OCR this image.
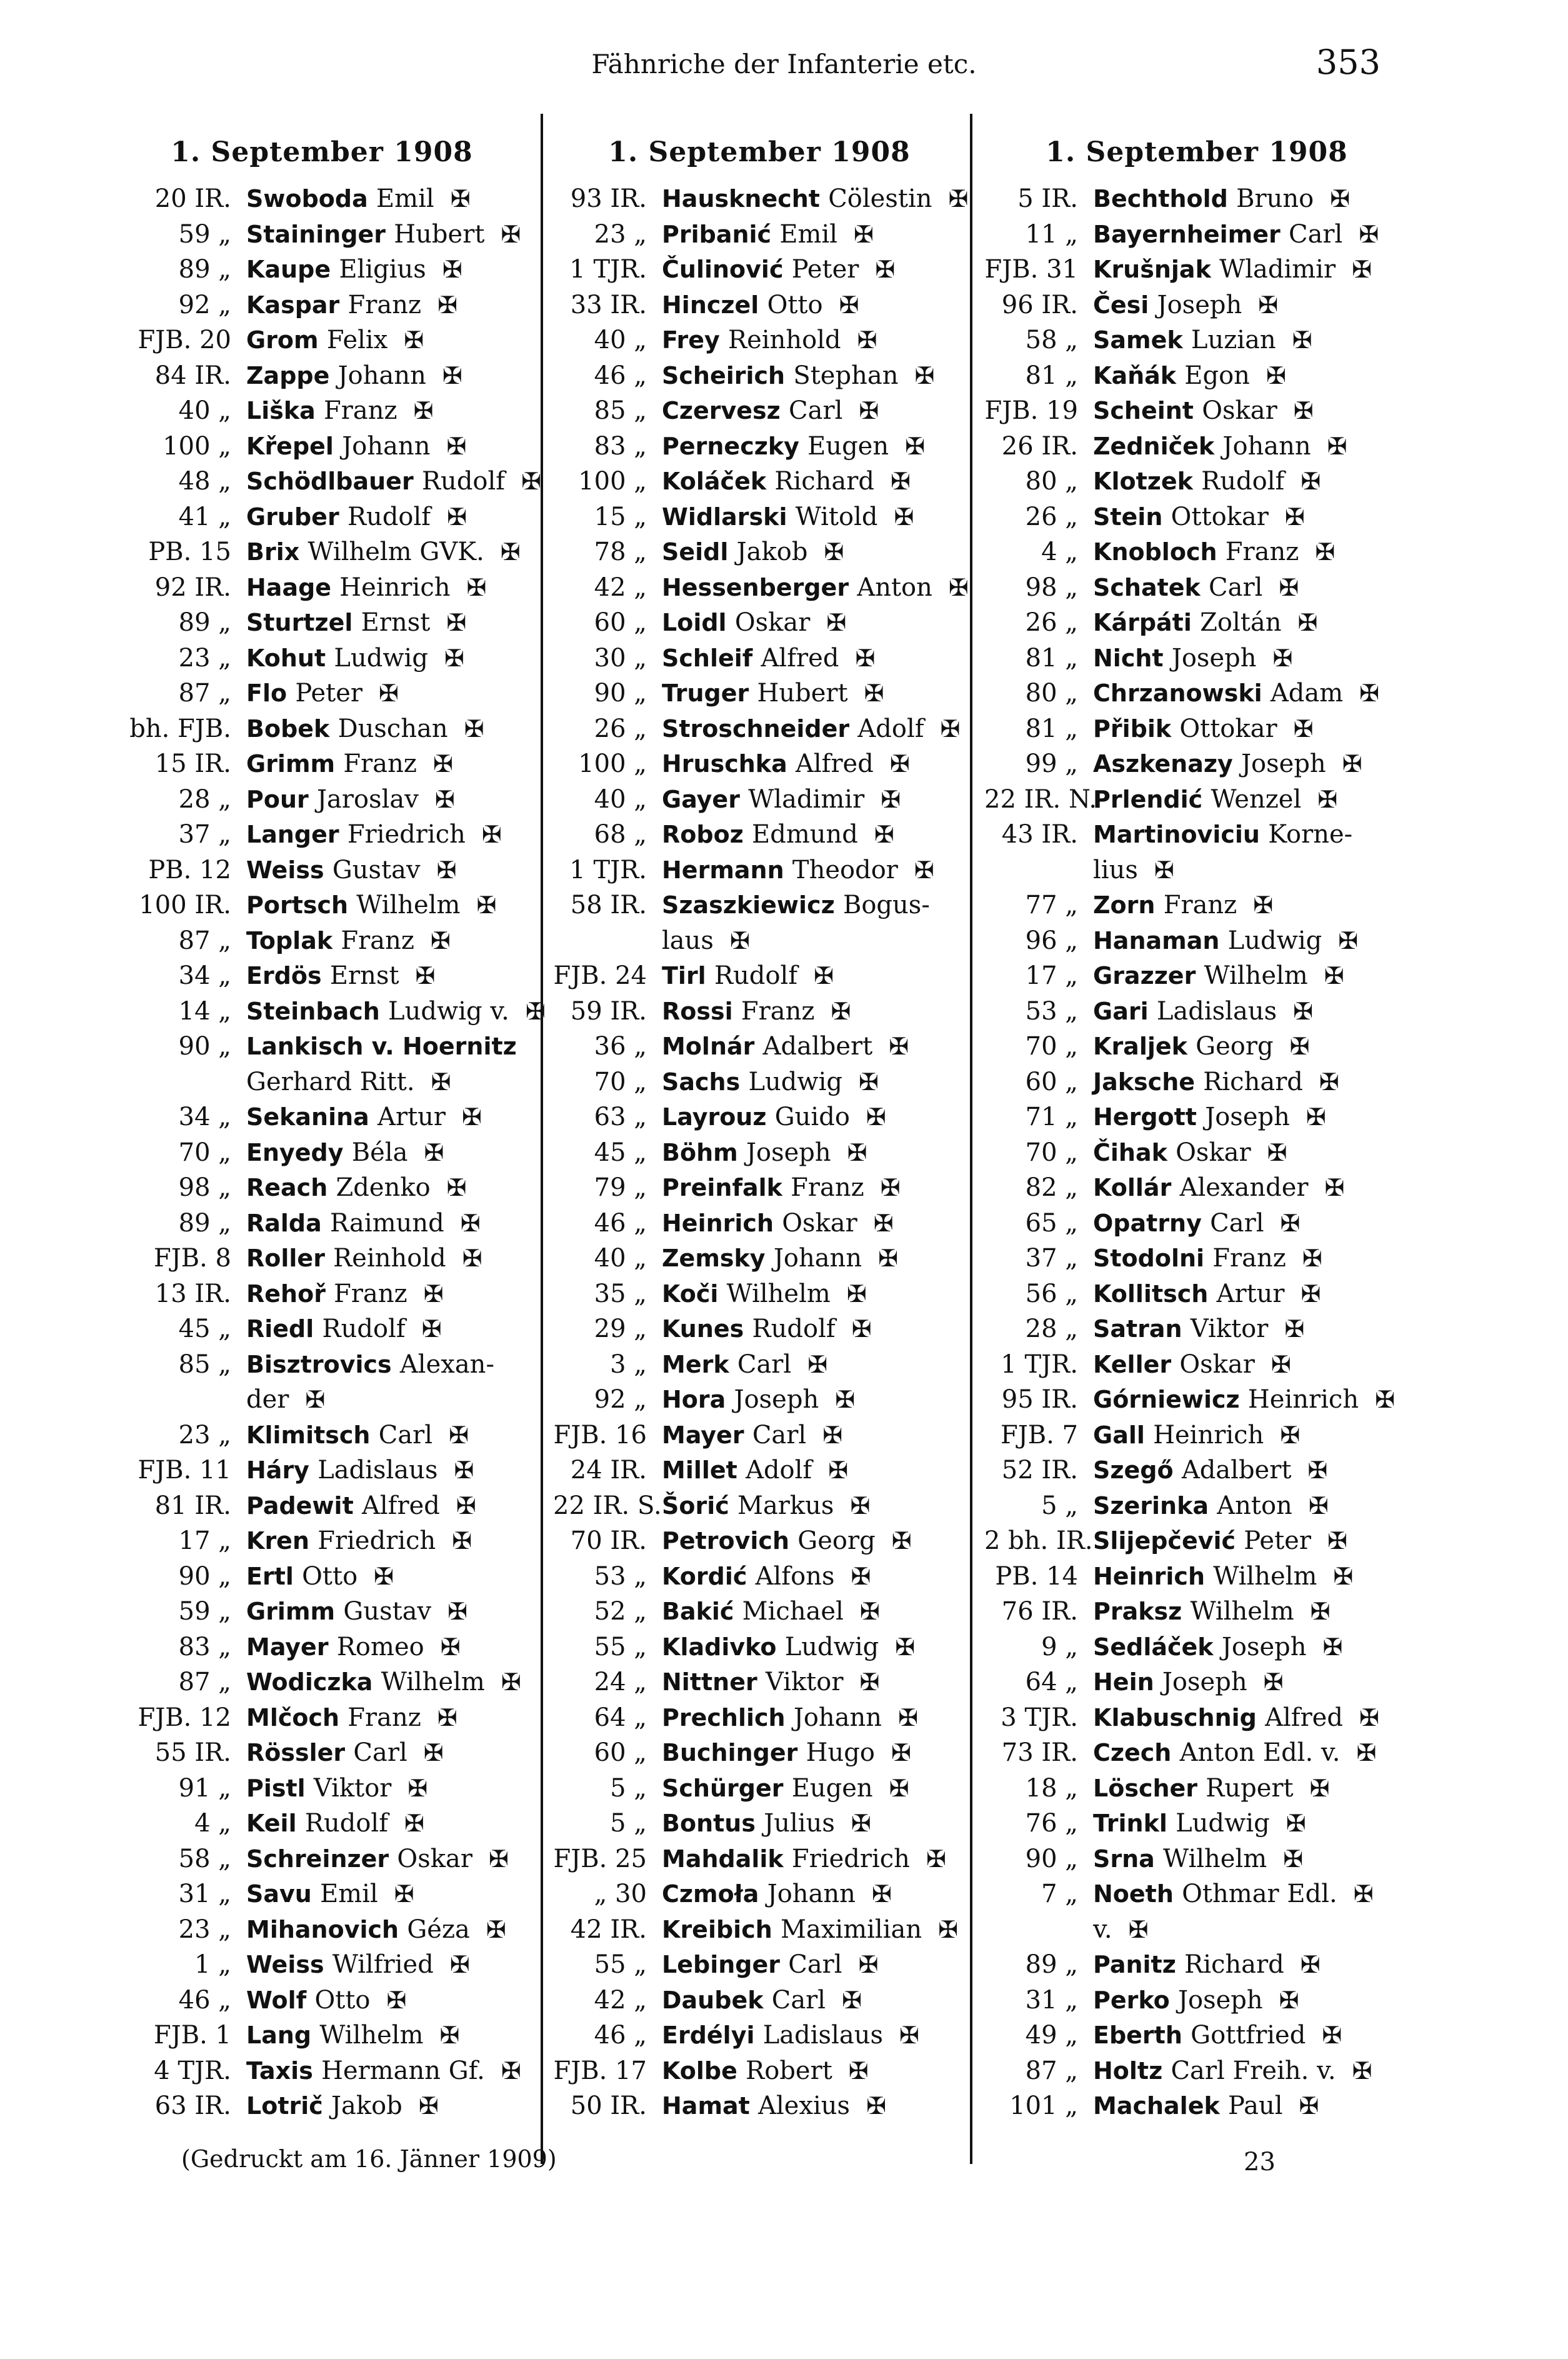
Fähnriche der Infanterie etc.	353
1. September 1908
20 IR. Swoboda Emil ✠
59 „ Staininger Hubert ✠
89 „ Kaupe Eligius ✠
92 „ Kaspar Franz ✠
FJB. 20 Grom Felix ✠
84 IR. Zappe Johann ✠
40 „ Liška Franz ✠
100 „ Křepel Johann ✠
48 „ Schödlbauer Rudolf ✠
41 „ Gruber Rudolf ✠
PB. 15 Brix Wilhelm GVK. ✠
92 IR. Haage Heinrich ✠
89 „ Sturtzel Ernst ✠
23 „ Kohut Ludwig ✠
87 „ Flo Peter ✠
bh. FJB. Bobek Duschan ✠
15 IR. Grimm Franz ✠
28 „ Pour Jaroslav ✠
37 „ Langer Friedrich ✠
PB. 12 Weiss Gustav ✠
100 IR. Portsch Wilhelm ✠
87 „ Toplak Franz ✠
34 „ Erdös Ernst ✠
14 „ Steinbach Ludwig v. ✠
90 „ Lankisch v. Hoernitz
Gerhard Ritt. ✠
34 „ Sekanina Artur ✠
70 „ Enyedy Béla ✠
98 „ Reach Zdenko ✠
89 „ Ralda Raimund ✠
FJB. 8 Roller Reinhold ✠
13 IR. Rehoř Franz ✠
45 „ Riedl Rudolf ✠
85 „ Bisztrovics Alexan-
der ✠
23 „ Klimitsch Carl ✠
FJB. 11 Háry Ladislaus ✠
81 IR. Padewit Alfred ✠
17 „ Kren Friedrich ✠
90 „ Ertl Otto ✠
59 „ Grimm Gustav ✠
83 „ Mayer Romeo ✠
87 „ Wodiczka Wilhelm ✠
FJB. 12 Mlčoch Franz ✠
55 IR. Rössler Carl ✠
91 „ Pistl Viktor ✠
4 „ Keil Rudolf ✠
58 „ Schreinzer Oskar ✠
31 „ Savu Emil ✠
23 „ Mihanovich Géza ✠
1 „ Weiss Wilfried ✠
46 „ Wolf Otto ✠
FJB. 1 Lang Wilhelm ✠
4 TJR. Taxis Hermann Gf. ✠
63 IR. Lotrič Jakob ✠
1. September 1908
93 IR. Hausknecht Cölestin ✠
23 „ Pribanić Emil ✠
1 TJR. Čulinović Peter ✠
33 IR. Hinczel Otto ✠
40 „ Frey Reinhold ✠
46 „ Scheirich Stephan ✠
85 „ Czervesz Carl ✠
83 „ Perneczky Eugen ✠
100 „ Koláček Richard ✠
15 „ Widlarski Witold ✠
78 „ Seidl Jakob ✠
42 „ Hessenberger Anton ✠
60 „ Loidl Oskar ✠
30 „ Schleif Alfred ✠
90 „ Truger Hubert ✠
26 „ Stroschneider Adolf ✠
100 „ Hruschka Alfred ✠
40 „ Gayer Wladimir ✠
68 „ Roboz Edmund ✠
1 TJR. Hermann Theodor ✠
58 IR. Szaszkiewicz Bogus-
laus ✠
FJB. 24 Tirl Rudolf ✠
59 IR. Rossi Franz ✠
36 „ Molnár Adalbert ✠
70 „ Sachs Ludwig ✠
63 „ Layrouz Guido ✠
45 „ Böhm Joseph ✠
79 „ Preinfalk Franz ✠
46 „ Heinrich Oskar ✠
40 „ Zemsky Johann ✠
35 „ Koči Wilhelm ✠
29 „ Kunes Rudolf ✠
3 „ Merk Carl ✠
92 „ Hora Joseph ✠
FJB. 16 Mayer Carl ✠
24 IR. Millet Adolf ✠
22 IR. S. Šorić Markus ✠
70 IR. Petrovich Georg ✠
53 „ Kordić Alfons ✠
52 „ Bakić Michael ✠
55 „ Kladivko Ludwig ✠
24 „ Nittner Viktor ✠
64 „ Prechlich Johann ✠
60 „ Buchinger Hugo ✠
5 „ Schürger Eugen ✠
5 „ Bontus Julius ✠
FJB. 25 Mahdalik Friedrich ✠
„ 30 Czmoła Johann ✠
42 IR. Kreibich Maximilian ✠
55 „ Lebinger Carl ✠
42 „ Daubek Carl ✠
46 „ Erdélyi Ladislaus ✠
FJB. 17 Kolbe Robert ✠
50 IR. Hamat Alexius ✠
1. September 1908
5 IR. Bechthold Bruno ✠
11 „ Bayernheimer Carl ✠
FJB. 31 Krušnjak Wladimir ✠
96 IR. Česi Joseph ✠
58 „ Samek Luzian ✠
81 „ Kaňák Egon ✠
FJB. 19 Scheint Oskar ✠
26 IR. Zedniček Johann ✠
80 „ Klotzek Rudolf ✠
26 „ Stein Ottokar ✠
4 „ Knobloch Franz ✠
98 „ Schatek Carl ✠
26 „ Kárpáti Zoltán ✠
81 „ Nicht Joseph ✠
80 „ Chrzanowski Adam ✠
81 „ Přibik Ottokar ✠
99 „ Aszkenazy Joseph ✠
22 IR. N.
Prlendić Wenzel ✠
43 IR. Martinoviciu Korne-
lius ✠
77 „ Zorn Franz ✠
96 „ Hanaman Ludwig ✠
17 „ Grazzer Wilhelm ✠
53 „ Gari Ladislaus ✠
70 „ Kraljek Georg ✠
60 „ Jaksche Richard ✠
71 „ Hergott Joseph ✠
70 „ Čihak Oskar ✠
82 „ Kollár Alexander ✠
65 „ Opatrny Carl ✠
37 „ Stodolni Franz ✠
56 „ Kollitsch Artur ✠
28 „ Satran Viktor ✠
1 TJR. Keller Oskar ✠
95 IR. Górniewicz Heinrich ✠
FJB. 7 Gall Heinrich ✠
52 IR. Szegő Adalbert ✠
5 „ Szerinka Anton ✠
2 bh. IR. Slijepčević Peter ✠
PB. 14 Heinrich Wilhelm ✠
76 IR. Praksz Wilhelm ✠
9 „ Sedláček Joseph ✠
64 „ Hein Joseph ✠
3 TJR. Klabuschnig Alfred ✠
73 IR. Czech Anton Edl. v. ✠
18 „ Löscher Rupert ✠
76 „ Trinkl Ludwig ✠
90 „ Srna Wilhelm ✠
7 „ Noeth Othmar Edl. ✠
v. ✠
89 „ Panitz Richard ✠
31 „ Perko Joseph ✠
49 „ Eberth Gottfried ✠
87 „ Holtz Carl Freih. v. ✠
101 „ Machalek Paul ✠
(Gedruckt am 16. Jänner 1909)	23
